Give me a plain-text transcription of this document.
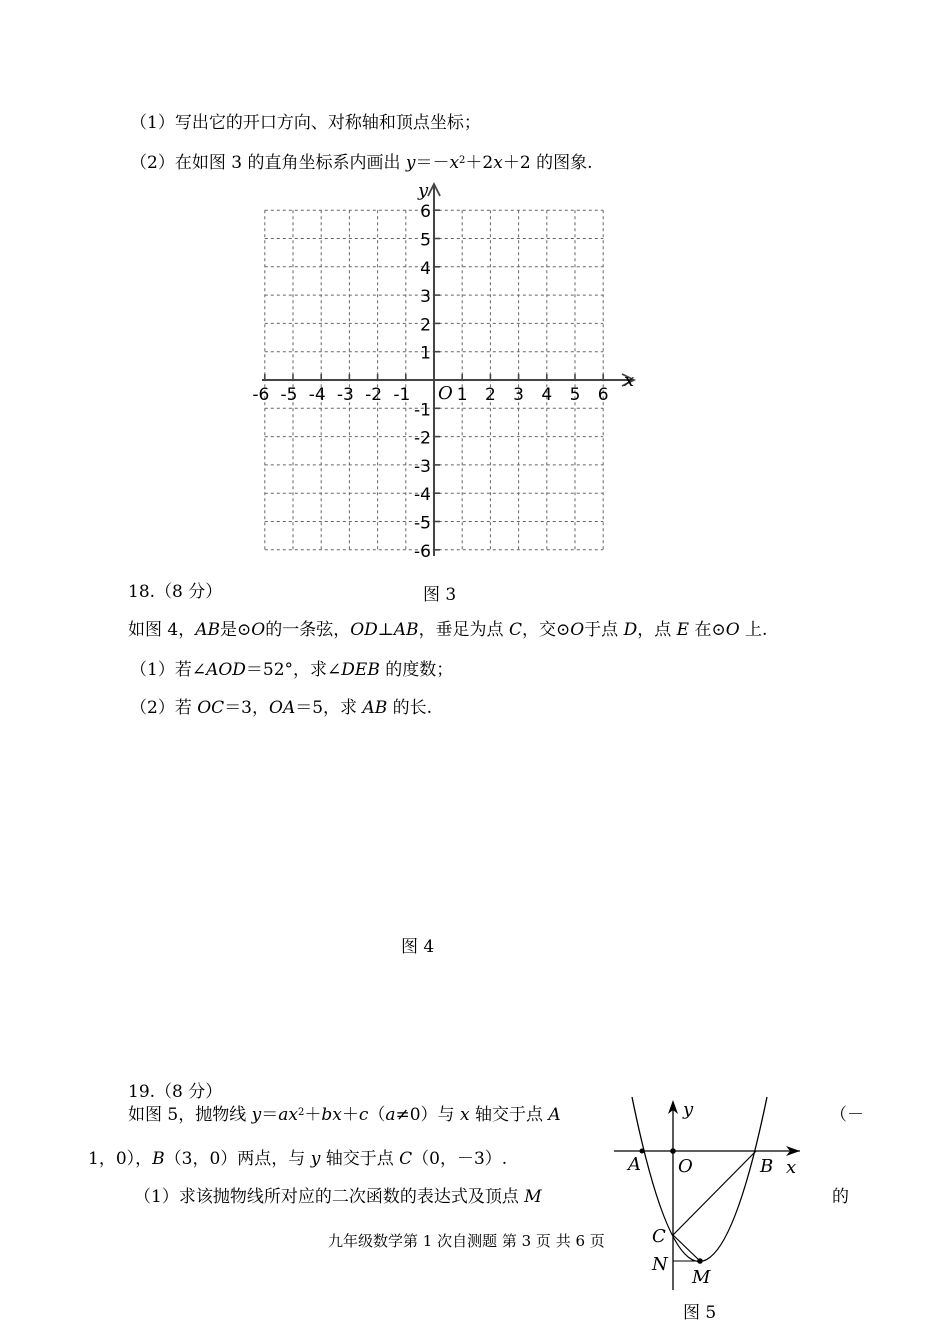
（1）写出它的开口方向、对称轴和顶点坐标；
（2）在如图 3 的直角坐标系内画出 $y=-x^2+2x+2$ 的图象.
-6 -5 -4 -3 -2 -1	1 2 3 4 5 6
6
5
4
3
2
1
-1
-2
-3
-4
-5
-6
x
y
O
图 3
18.（8 分）
如图 4，AB是⊙O的一条弦，OD⊥AB，垂足为点 C，交⊙O于点 D，点 E 在⊙O 上.
（1）若∠AOD＝52°，求∠DEB 的度数；
（2）若 OC＝3，OA＝5，求 AB 的长.
图 4
19.（8 分）
如图 5，抛物线 $y=ax^2+bx+c(a\ne 0)$与 x 轴交于点 A	（－
1，0），B（3，0）两点，与 y 轴交于点 C（0，－3）.
（1）求该抛物线所对应的二次函数的表达式及顶点 M	的
y
x
A O	B
C
N
M
图 5
九年级数学第 1 次自测题 第 3 页 共 6 页
